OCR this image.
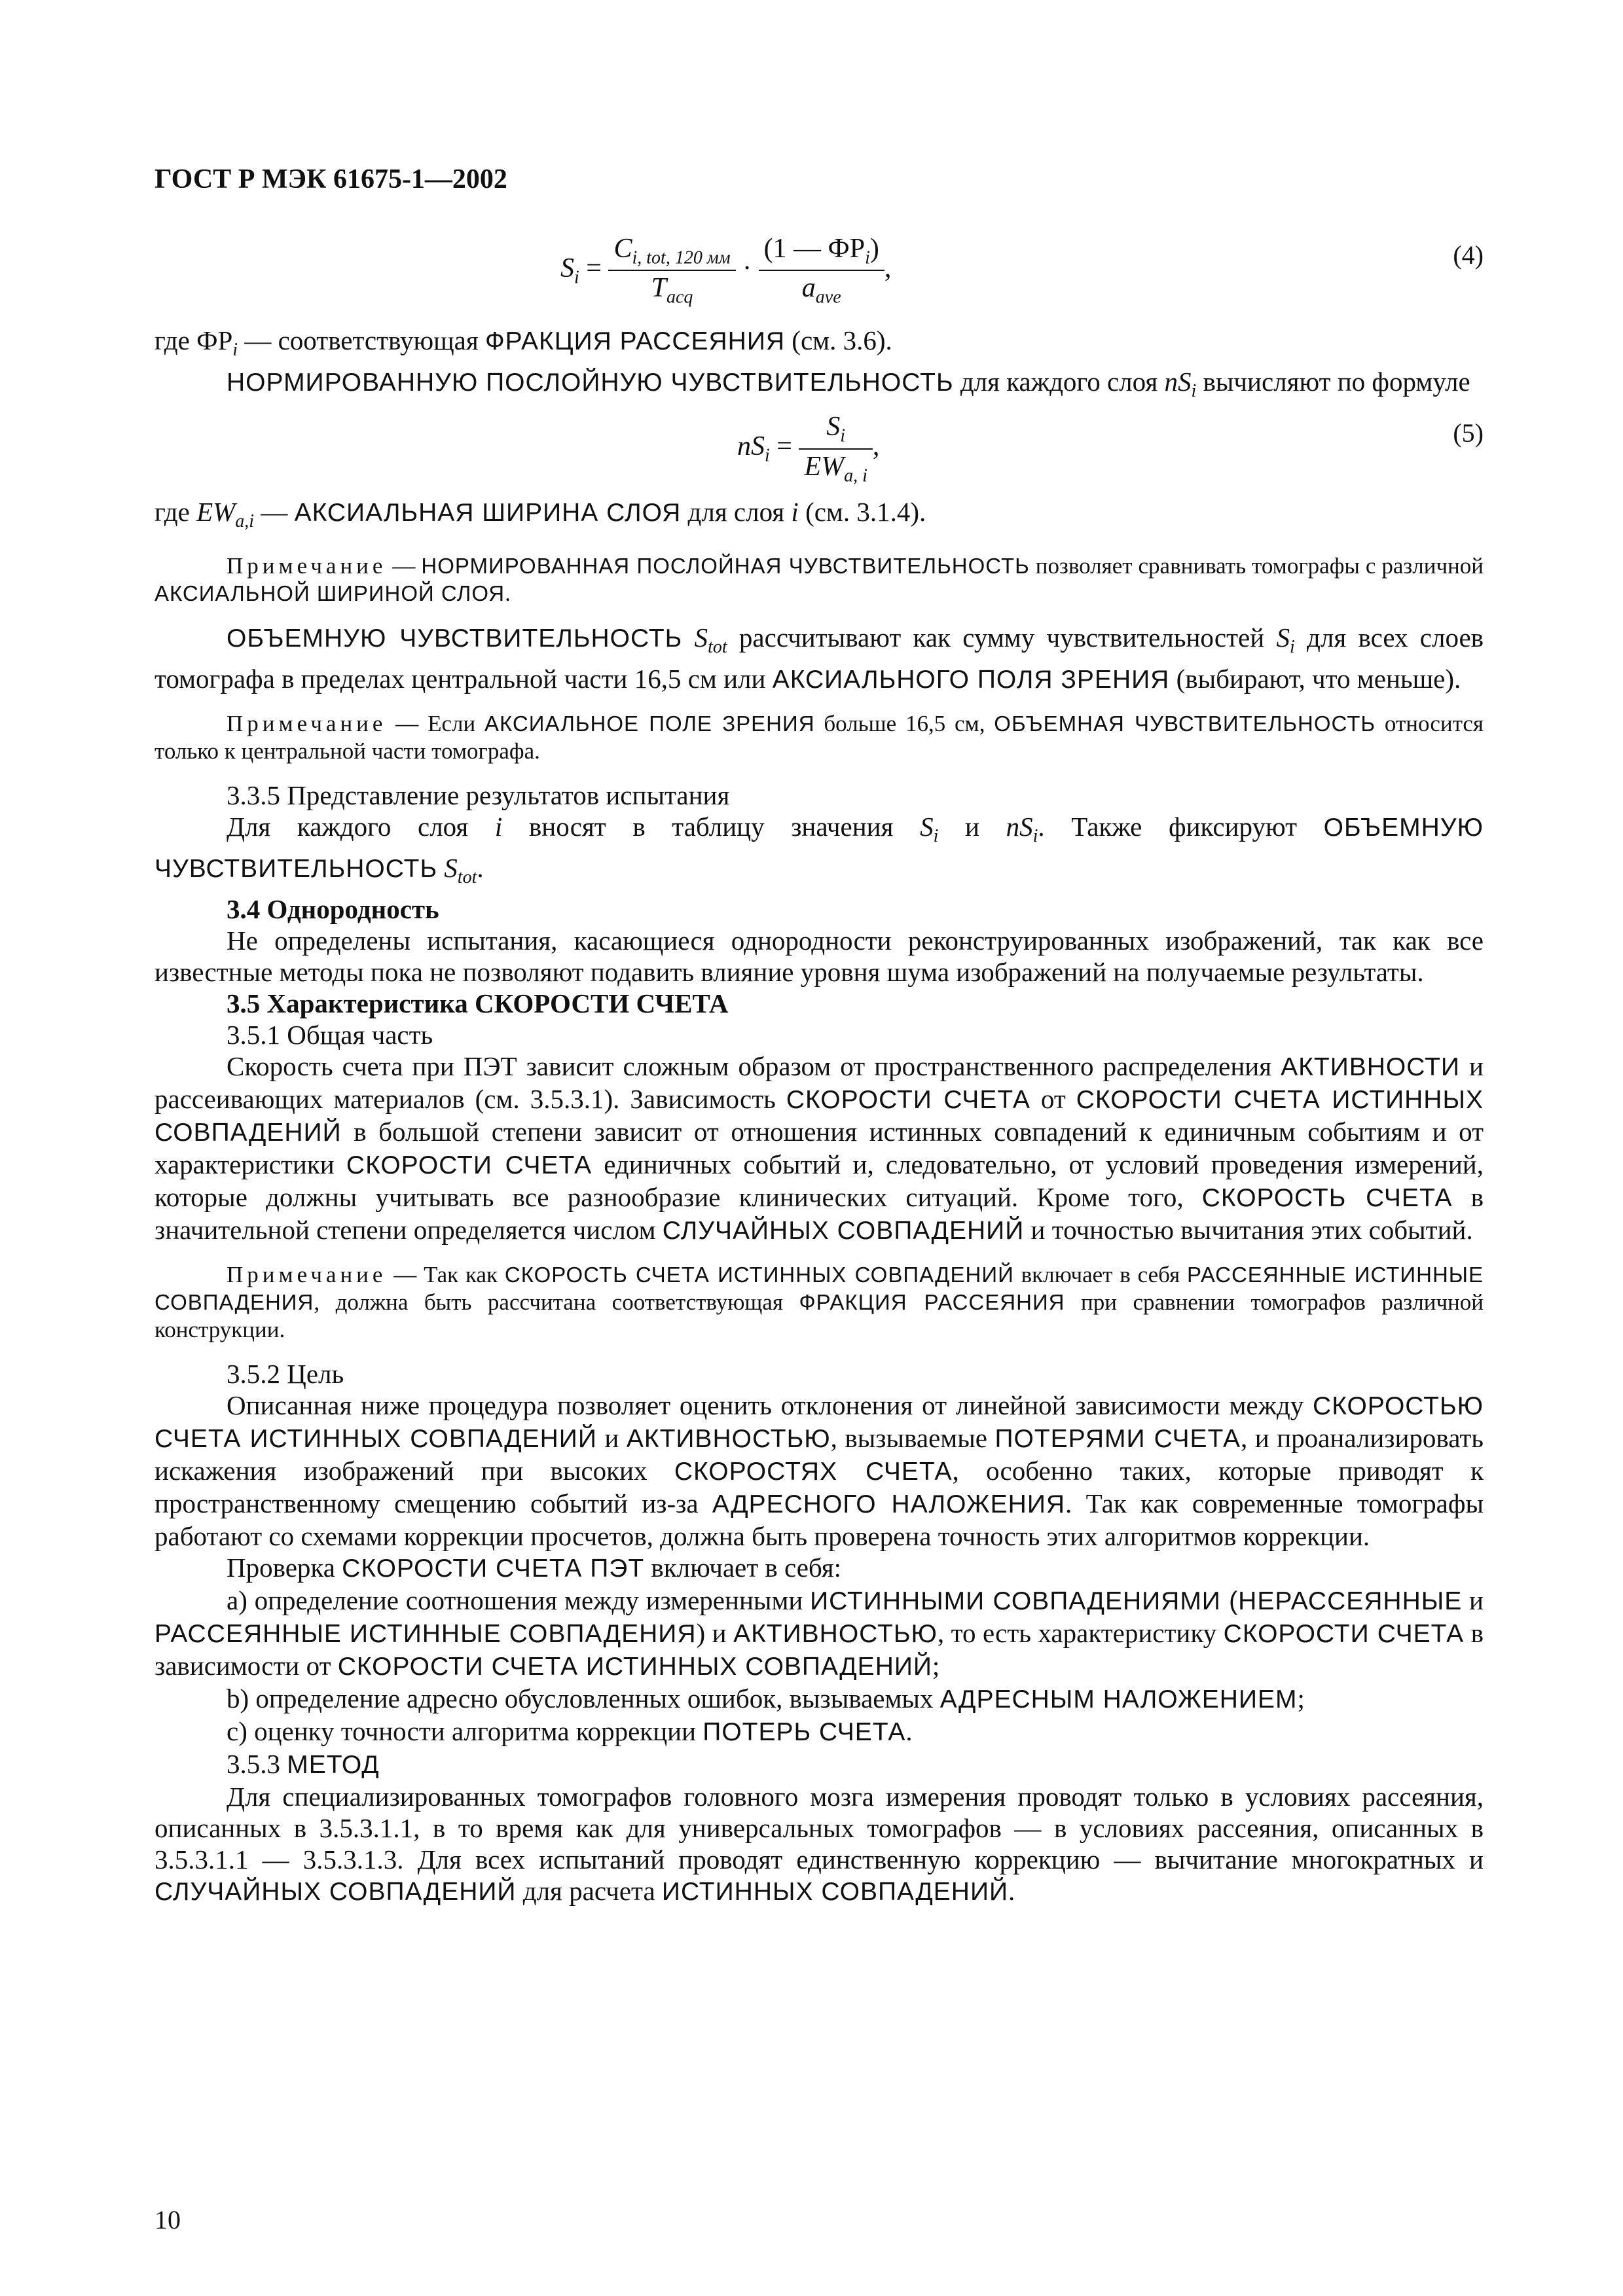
ГОСТ Р МЭК 61675-1—2002
$S_i = \frac{C_{i, tot, 120 мм}}{T_{acq}} \cdot \frac{(1 — ФР_i)}{a_{ave}}$ ,	(4)

где $ФР_i$ — соответствующая ФРАКЦИЯ РАССЕЯНИЯ (см. 3.6).

НОРМИРОВАННУЮ ПОСЛОЙНУЮ ЧУВСТВИТЕЛЬНОСТЬ для каждого слоя $nS_i$ вычисляют по формуле

$nS_i = \frac{S_i}{EW_{a, i}}$ ,	(5)

где $EW_{a,i}$ — АКСИАЛЬНАЯ ШИРИНА СЛОЯ для слоя i (см. 3.1.4).

Примечание — НОРМИРОВАННАЯ ПОСЛОЙНАЯ ЧУВСТВИТЕЛЬНОСТЬ позволяет сравнивать томографы с различной АКСИАЛЬНОЙ ШИРИНОЙ СЛОЯ.

ОБЪЕМНУЮ ЧУВСТВИТЕЛЬНОСТЬ $S_{tot}$ рассчитывают как сумму чувствительностей $S_i$ для всех слоев томографа в пределах центральной части 16,5 см или АКСИАЛЬНОГО ПОЛЯ ЗРЕНИЯ (выбирают, что меньше).

Примечание — Если АКСИАЛЬНОЕ ПОЛЕ ЗРЕНИЯ больше 16,5 см, ОБЪЕМНАЯ ЧУВСТВИТЕЛЬНОСТЬ относится только к центральной части томографа.

3.3.5 Представление результатов испытания

Для каждого слоя i вносят в таблицу значения $S_i$ и $nS_i$. Также фиксируют ОБЪЕМНУЮ ЧУВСТВИТЕЛЬНОСТЬ $S_{tot}$.

3.4 Однородность

Не определены испытания, касающиеся однородности реконструированных изображений, так как все известные методы пока не позволяют подавить влияние уровня шума изображений на получаемые результаты.

3.5 Характеристика СКОРОСТИ СЧЕТА

3.5.1 Общая часть

Скорость счета при ПЭТ зависит сложным образом от пространственного распределения АКТИВНОСТИ и рассеивающих материалов (см. 3.5.3.1). Зависимость СКОРОСТИ СЧЕТА от СКОРОСТИ СЧЕТА ИСТИННЫХ СОВПАДЕНИЙ в большой степени зависит от отношения истинных совпадений к единичным событиям и от характеристики СКОРОСТИ СЧЕТА единичных событий и, следовательно, от условий проведения измерений, которые должны учитывать все разнообразие клинических ситуаций. Кроме того, СКОРОСТЬ СЧЕТА в значительной степени определяется числом СЛУЧАЙНЫХ СОВПАДЕНИЙ и точностью вычитания этих событий.

Примечание — Так как СКОРОСТЬ СЧЕТА ИСТИННЫХ СОВПАДЕНИЙ включает в себя РАССЕЯННЫЕ ИСТИННЫЕ СОВПАДЕНИЯ, должна быть рассчитана соответствующая ФРАКЦИЯ РАССЕЯНИЯ при сравнении томографов различной конструкции.

3.5.2 Цель

Описанная ниже процедура позволяет оценить отклонения от линейной зависимости между СКОРОСТЬЮ СЧЕТА ИСТИННЫХ СОВПАДЕНИЙ и АКТИВНОСТЬЮ, вызываемые ПОТЕРЯМИ СЧЕТА, и проанализировать искажения изображений при высоких СКОРОСТЯХ СЧЕТА, особенно таких, которые приводят к пространственному смещению событий из-за АДРЕСНОГО НАЛОЖЕНИЯ. Так как современные томографы работают со схемами коррекции просчетов, должна быть проверена точность этих алгоритмов коррекции.

Проверка СКОРОСТИ СЧЕТА ПЭТ включает в себя:

a) определение соотношения между измеренными ИСТИННЫМИ СОВПАДЕНИЯМИ (НЕРАССЕЯННЫЕ и РАССЕЯННЫЕ ИСТИННЫЕ СОВПАДЕНИЯ) и АКТИВНОСТЬЮ, то есть характеристику СКОРОСТИ СЧЕТА в зависимости от СКОРОСТИ СЧЕТА ИСТИННЫХ СОВПАДЕНИЙ;

b) определение адресно обусловленных ошибок, вызываемых АДРЕСНЫМ НАЛОЖЕНИЕМ;

c) оценку точности алгоритма коррекции ПОТЕРЬ СЧЕТА.

3.5.3 МЕТОД

Для специализированных томографов головного мозга измерения проводят только в условиях рассеяния, описанных в 3.5.3.1.1, в то время как для универсальных томографов — в условиях рассеяния, описанных в 3.5.3.1.1 — 3.5.3.1.3. Для всех испытаний проводят единственную коррекцию — вычитание многократных и СЛУЧАЙНЫХ СОВПАДЕНИЙ для расчета ИСТИННЫХ СОВПАДЕНИЙ.

10
